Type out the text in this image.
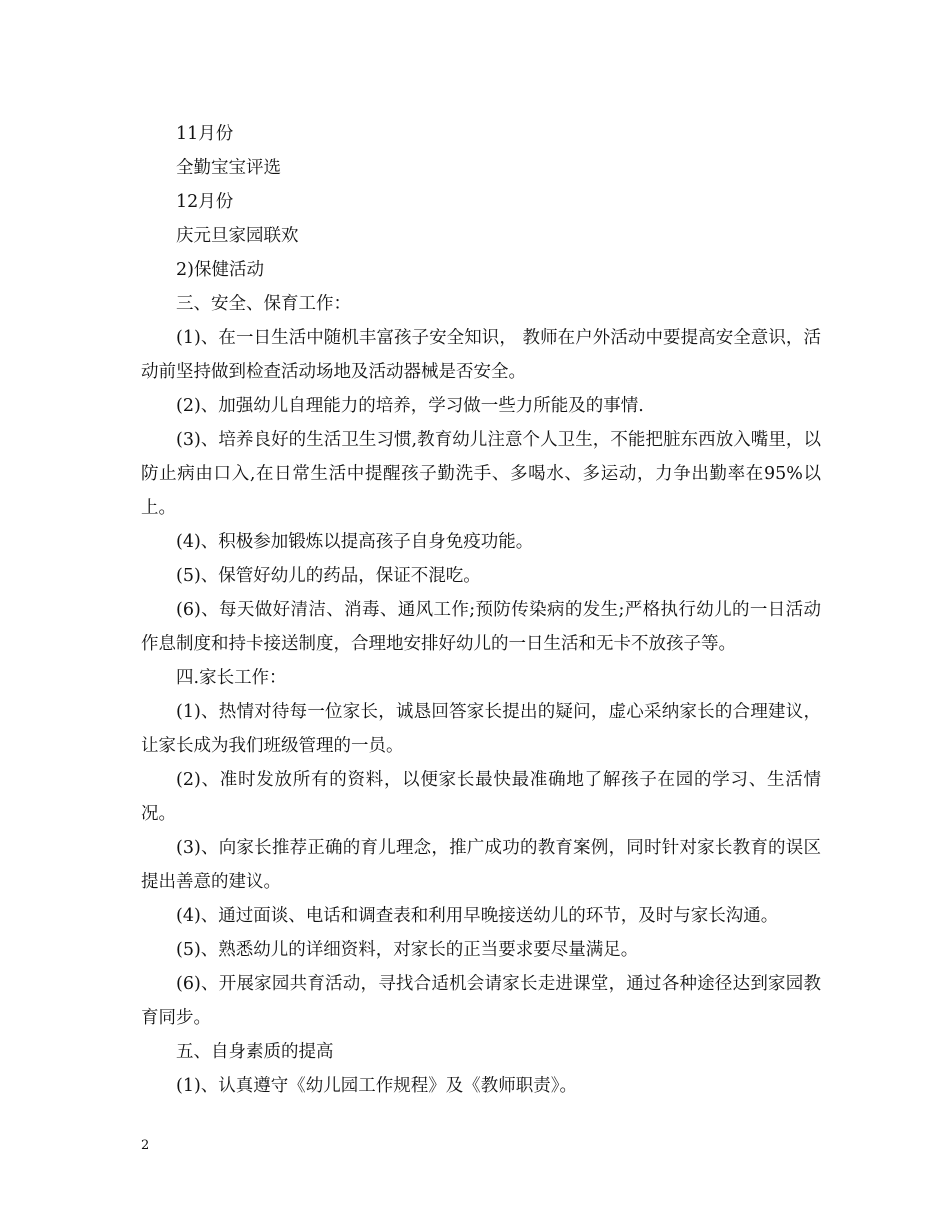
11月份

全勤宝宝评选

12月份

庆元旦家园联欢

2)保健活动

三、安全、保育工作：

(1)、在一日生活中随机丰富孩子安全知识， 教师在户外活动中要提高安全意识，活动前坚持做到检查活动场地及活动器械是否安全。

(2)、加强幼儿自理能力的培养，学习做一些力所能及的事情.

(3)、培养良好的生活卫生习惯,教育幼儿注意个人卫生，不能把脏东西放入嘴里，以防止病由口入,在日常生活中提醒孩子勤洗手、多喝水、多运动，力争出勤率在95%以上。

(4)、积极参加锻炼以提高孩子自身免疫功能。

(5)、保管好幼儿的药品，保证不混吃。

(6)、每天做好清洁、消毒、通风工作;预防传染病的发生;严格执行幼儿的一日活动作息制度和持卡接送制度，合理地安排好幼儿的一日生活和无卡不放孩子等。

四.家长工作：

(1)、热情对待每一位家长，诚恳回答家长提出的疑问，虚心采纳家长的合理建议，让家长成为我们班级管理的一员。

(2)、准时发放所有的资料，以便家长最快最准确地了解孩子在园的学习、生活情况。

(3)、向家长推荐正确的育儿理念，推广成功的教育案例，同时针对家长教育的误区提出善意的建议。

(4)、通过面谈、电话和调查表和利用早晚接送幼儿的环节，及时与家长沟通。

(5)、熟悉幼儿的详细资料，对家长的正当要求要尽量满足。

(6)、开展家园共育活动，寻找合适机会请家长走进课堂，通过各种途径达到家园教育同步。

五、自身素质的提高

(1)、认真遵守《幼儿园工作规程》及《教师职责》。

2
